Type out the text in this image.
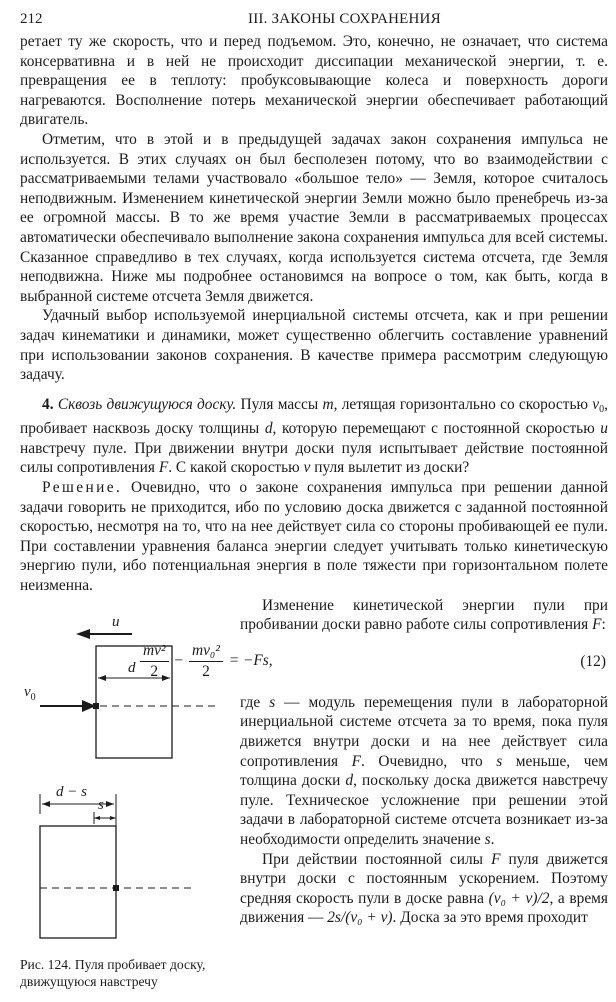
212	III. ЗАКОНЫ СОХРАНЕНИЯ

ретает ту же скорость, что и перед подъемом. Это, конечно, не означает, что система консервативна и в ней не происходит диссипации механической энергии, т. е. превращения ее в теплоту: пробуксовывающие колеса и поверхность дороги нагреваются. Восполнение потерь механической энергии обеспечивает работающий двигатель.

Отметим, что в этой и в предыдущей задачах закон сохранения импульса не используется. В этих случаях он был бесполезен потому, что во взаимодействии с рассматриваемыми телами участвовало «большое тело» — Земля, которое считалось неподвижным. Изменением кинетической энергии Земли можно было пренебречь из-за ее огромной массы. В то же время участие Земли в рассматриваемых процессах автоматически обеспечивало выполнение закона сохранения импульса для всей системы. Сказанное справедливо в тех случаях, когда используется система отсчета, где Земля неподвижна. Ниже мы подробнее остановимся на вопросе о том, как быть, когда в выбранной системе отсчета Земля движется.

Удачный выбор используемой инерциальной системы отсчета, как и при решении задач кинематики и динамики, может существенно облегчить составление уравнений при использовании законов сохранения. В качестве примера рассмотрим следующую задачу.

4. Сквозь движущуюся доску. Пуля массы m, летящая горизонтально со скоростью $v_0$, пробивает насквозь доску толщины d, которую перемещают с постоянной скоростью u навстречу пуле. При движении внутри доски пуля испытывает действие постоянной силы сопротивления F. С какой скоростью v пуля вылетит из доски?

Решение. Очевидно, что о законе сохранения импульса при решении данной задачи говорить не приходится, ибо по условию доска движется с заданной постоянной скоростью, несмотря на то, что на нее действует сила со стороны пробивающей ее пули. При составлении уравнения баланса энергии следует учитывать только кинетическую энергию пули, ибо потенциальная энергия в поле тяжести при горизонтальном полете неизменна.

u
d
$v_0$
d − s
s
Рис. 124. Пуля пробивает доску, движущуюся навстречу

Изменение кинетической энергии пули при пробивании доски равно работе силы сопротивления F:

$\frac{\text{mv²}}{2} - \frac{\text{mv₀²}}{2} = -Fs$,	(12)

где s — модуль перемещения пули в лабораторной инерциальной системе отсчета за то время, пока пуля движется внутри доски и на нее действует сила сопротивления F. Очевидно, что s меньше, чем толщина доски d, поскольку доска движется навстречу пуле. Техническое усложнение при решении этой задачи в лабораторной системе отсчета возникает из-за необходимости определить значение s.

При действии постоянной силы F пуля движется внутри доски с постоянным ускорением. Поэтому средняя скорость пули в доске равна (v₀ + v)/2, а время движения — 2s/(v₀ + v). Доска за это время проходит
